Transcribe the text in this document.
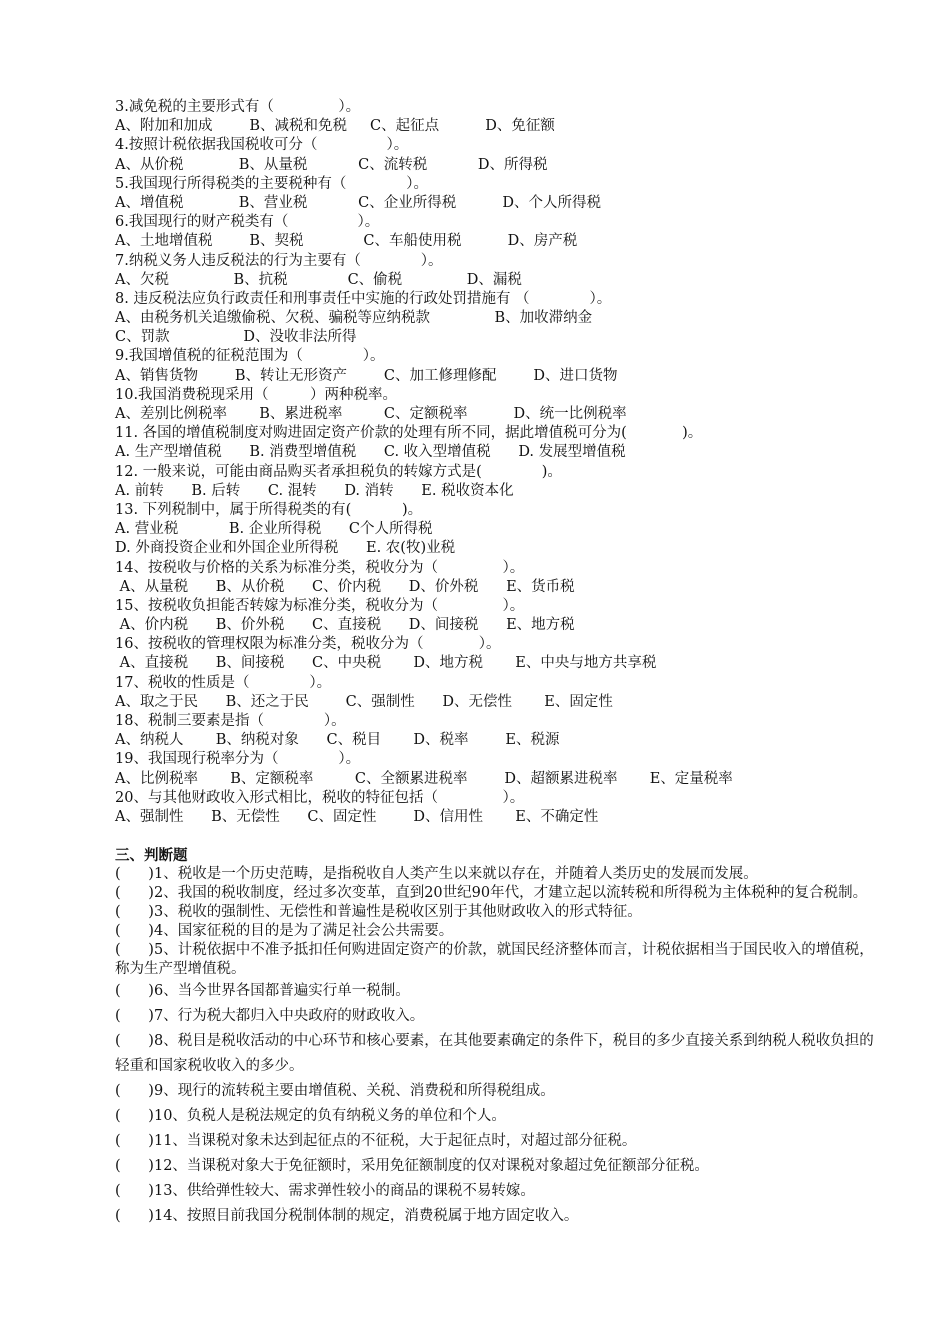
3.减免税的主要形式有（              ）。
A、附加和加成        B、减税和免税     C、起征点          D、免征额
4.按照计税依据我国税收可分（               ）。
A、从价税            B、从量税           C、流转税           D、所得税
5.我国现行所得税类的主要税种有（             ）。
A、增值税            B、营业税           C、企业所得税          D、个人所得税
6.我国现行的财产税类有（               ）。
A、土地增值税        B、契税             C、车船使用税          D、房产税
7.纳税义务人违反税法的行为主要有（             ）。
A、欠税              B、抗税             C、偷税              D、漏税
8. 违反税法应负行政责任和刑事责任中实施的行政处罚措施有 （             ）。
A、由税务机关追缴偷税、欠税、骗税等应纳税款              B、加收滞纳金
C、罚款                D、没收非法所得
9.我国增值税的征税范围为（             ）。
A、销售货物        B、转让无形资产        C、加工修理修配        D、进口货物
10.我国消费税现采用（         ）两种税率。
A、差别比例税率       B、累进税率         C、定额税率          D、统一比例税率
11. 各国的增值税制度对购进固定资产价款的处理有所不同，据此增值税可分为(            )。
A. 生产型增值税      B. 消费型增值税      C. 收入型增值税      D. 发展型增值税
12. 一般来说，可能由商品购买者承担税负的转嫁方式是(             )。
A. 前转      B. 后转      C. 混转      D. 消转      E. 税收资本化
13. 下列税制中，属于所得税类的有(           )。
A. 营业税           B. 企业所得税      C个人所得税
D. 外商投资企业和外国企业所得税      E. 农(牧)业税
14、按税收与价格的关系为标准分类，税收分为（              ）。
A、从量税      B、从价税      C、价内税      D、价外税      E、货币税
15、按税收负担能否转嫁为标准分类，税收分为（              ）。
A、价内税      B、价外税      C、直接税      D、间接税      E、地方税
16、按税收的管理权限为标准分类，税收分为（            ）。
A、直接税      B、间接税      C、中央税       D、地方税       E、中央与地方共享税
17、税收的性质是（             ）。
A、取之于民      B、还之于民        C、强制性      D、无偿性       E、固定性
18、税制三要素是指（             ）。
A、纳税人       B、纳税对象      C、税目       D、税率        E、税源
19、我国现行税率分为（             ）。
A、比例税率       B、定额税率         C、全额累进税率        D、超额累进税率       E、定量税率
20、与其他财政收入形式相比，税收的特征包括（              ）。
A、强制性      B、无偿性      C、固定性        D、信用性       E、不确定性
三、判断题
(      )1、税收是一个历史范畴，是指税收自人类产生以来就以存在，并随着人类历史的发展而发展。
(      )2、我国的税收制度，经过多次变革，直到20世纪90年代，才建立起以流转税和所得税为主体税种的复合税制。
(      )3、税收的强制性、无偿性和普遍性是税收区别于其他财政收入的形式特征。
(      )4、国家征税的目的是为了满足社会公共需要。
(      )5、计税依据中不准予抵扣任何购进固定资产的价款，就国民经济整体而言，计税依据相当于国民收入的增值税，称为生产型增值税。
(      )6、当今世界各国都普遍实行单一税制。
(      )7、行为税大都归入中央政府的财政收入。
(      )8、税目是税收活动的中心环节和核心要素，在其他要素确定的条件下，税目的多少直接关系到纳税人税收负担的轻重和国家税收收入的多少。
(      )9、现行的流转税主要由增值税、关税、消费税和所得税组成。
(      )10、负税人是税法规定的负有纳税义务的单位和个人。
(      )11、当课税对象未达到起征点的不征税，大于起征点时，对超过部分征税。
(      )12、当课税对象大于免征额时，采用免征额制度的仅对课税对象超过免征额部分征税。
(      )13、供给弹性较大、需求弹性较小的商品的课税不易转嫁。
(      )14、按照目前我国分税制体制的规定，消费税属于地方固定收入。
